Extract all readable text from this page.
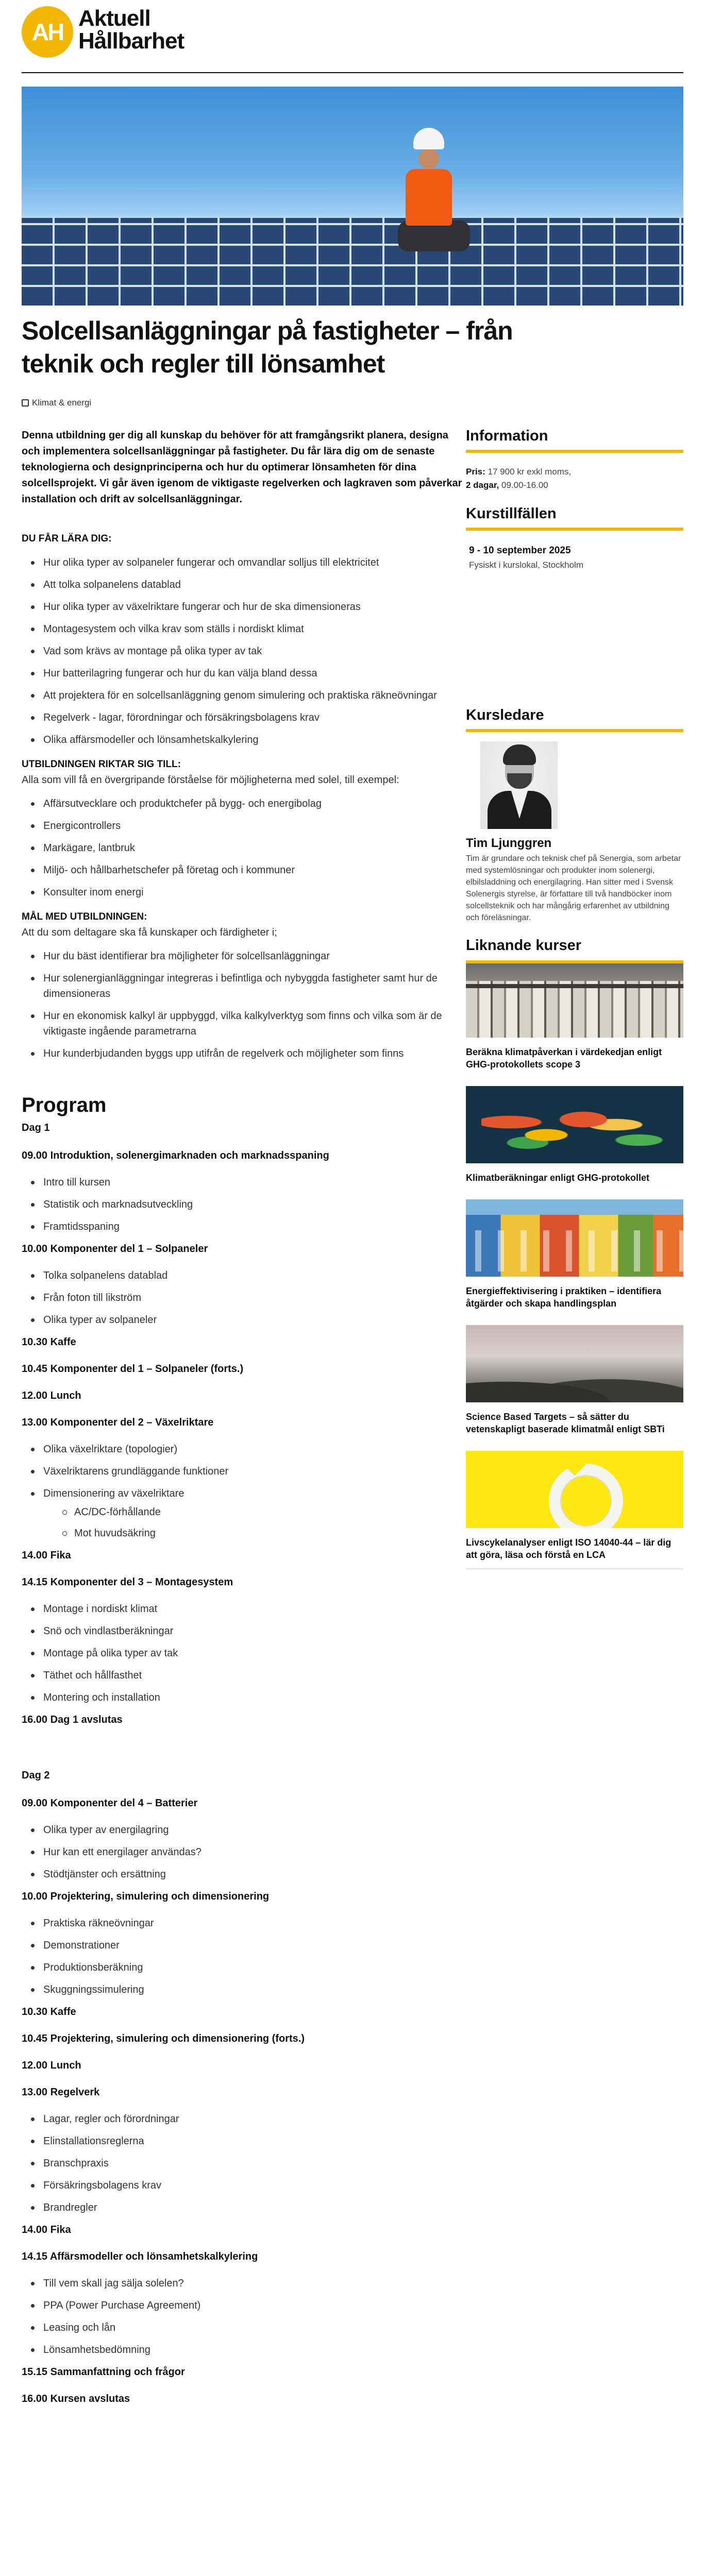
AH
Aktuell
Hållbarhet
Solcellsanläggningar på fastigheter – från teknik och regler till lönsamhet
Klimat & energi

Denna utbildning ger dig all kunskap du behöver för att framgångsrikt planera, designa och implementera solcellsanläggningar på fastigheter. Du får lära dig om de senaste teknologierna och designprinciperna och hur du optimerar lönsamheten för dina solcellsprojekt. Vi går även igenom de viktigaste regelverken och lagkraven som påverkar installation och drift av solcellsanläggningar.

DU FÅR LÄRA DIG:
Hur olika typer av solpaneler fungerar och omvandlar solljus till elektricitet
Att tolka solpanelens datablad
Hur olika typer av växelriktare fungerar och hur de ska dimensioneras
Montagesystem och vilka krav som ställs i nordiskt klimat
Vad som krävs av montage på olika typer av tak
Hur batterilagring fungerar och hur du kan välja bland dessa
Att projektera för en solcellsanläggning genom simulering och praktiska räkneövningar
Regelverk - lagar, förordningar och försäkringsbolagens krav
Olika affärsmodeller och lönsamhetskalkylering
UTBILDNINGEN RIKTAR SIG TILL:

Alla som vill få en övergripande förståelse för möjligheterna med solel, till exempel:

Affärsutvecklare och produktchefer på bygg- och energibolag
Energicontrollers
Markägare, lantbruk
Miljö- och hållbarhetschefer på företag och i kommuner
Konsulter inom energi
MÅL MED UTBILDNINGEN:

Att du som deltagare ska få kunskaper och färdigheter i;

Hur du bäst identifierar bra möjligheter för solcellsanläggningar
Hur solenergianläggningar integreras i befintliga och nybyggda fastigheter samt hur de dimensioneras
Hur en ekonomisk kalkyl är uppbyggd, vilka kalkylverktyg som finns och vilka som är de viktigaste ingående parametrarna
Hur kunderbjudanden byggs upp utifrån de regelverk och möjligheter som finns
Program
Dag 1
09.00 Introduktion, solenergimarknaden och marknadsspaning
Intro till kursen
Statistik och marknadsutveckling
Framtidsspaning
10.00 Komponenter del 1 – Solpaneler
Tolka solpanelens datablad
Från foton till likström
Olika typer av solpaneler
10.30 Kaffe
10.45 Komponenter del 1 – Solpaneler (forts.)
12.00 Lunch
13.00 Komponenter del 2 – Växelriktare
Olika växelriktare (topologier)
Växelriktarens grundläggande funktioner
Dimensionering av växelriktare
AC/DC-förhållande
Mot huvudsäkring
14.00 Fika
14.15 Komponenter del 3 – Montagesystem
Montage i nordiskt klimat
Snö och vindlastberäkningar
Montage på olika typer av tak
Täthet och hållfasthet
Montering och installation
16.00 Dag 1 avslutas
Dag 2
09.00 Komponenter del 4 – Batterier
Olika typer av energilagring
Hur kan ett energilager användas?
Stödtjänster och ersättning
10.00 Projektering, simulering och dimensionering
Praktiska räkneövningar
Demonstrationer
Produktionsberäkning
Skuggningssimulering
10.30 Kaffe
10.45 Projektering, simulering och dimensionering (forts.)
12.00 Lunch
13.00 Regelverk
Lagar, regler och förordningar
Elinstallationsreglerna
Branschpraxis
Försäkringsbolagens krav
Brandregler
14.00 Fika
14.15 Affärsmodeller och lönsamhetskalkylering
Till vem skall jag sälja solelen?
PPA (Power Purchase Agreement)
Leasing och lån
Lönsamhetsbedömning
15.15 Sammanfattning och frågor
16.00 Kursen avslutas
Information
Pris: 17 900 kr exkl moms,
2 dagar, 09.00-16.00
Kurstillfällen
9 - 10 september 2025
Fysiskt i kurslokal, Stockholm
Kursledare
Tim Ljunggren
Tim är grundare och teknisk chef på Senergia, som arbetar med systemlösningar och produkter inom solenergi, elbilsladdning och energilagring. Han sitter med i Svensk Solenergis styrelse, är författare till två handböcker inom solcellsteknik och har mångårig erfarenhet av utbildning och föreläsningar.
Liknande kurser
Beräkna klimatpåverkan i värdekedjan enligt GHG-protokollets scope 3
Klimatberäkningar enligt GHG-protokollet
Energieffektivisering i praktiken – identifiera åtgärder och skapa handlingsplan
Science Based Targets – så sätter du vetenskapligt baserade klimatmål enligt SBTi
Livscykelanalyser enligt ISO 14040-44 – lär dig att göra, läsa och förstå en LCA
